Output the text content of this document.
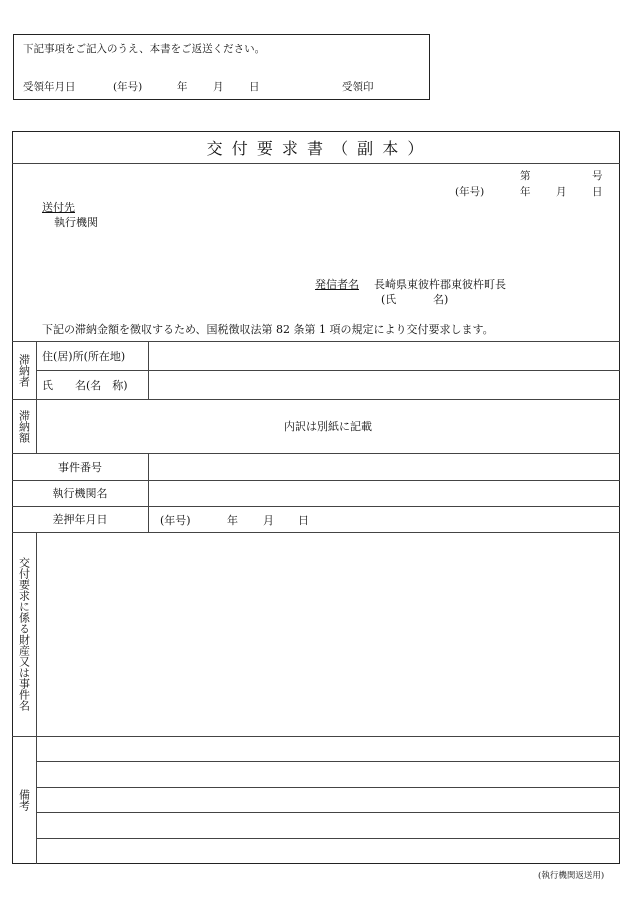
下記事項をご記入のうえ、本書をご返送ください。
受領年月日	(年号)	年 月 日	受領印
交 付 要 求 書 （ 副 本 ）
第	号
(年号)	年 月 日
送付先
執行機関
発信者名 長崎県東彼杵郡東彼杵町長
(氏	名)
下記の滞納金額を徴収するため、国税徴収法第 82 条第 1 項の規定により交付要求します。
滞納者 住(居)所(所在地)
氏　　名(名　称)
滞納額	内訳は別紙に記載
事件番号
執行機関名
差押年月日	(年号)	年 月 日
交付要求に係る財産又は事件名
備考
(執行機関返送用)
